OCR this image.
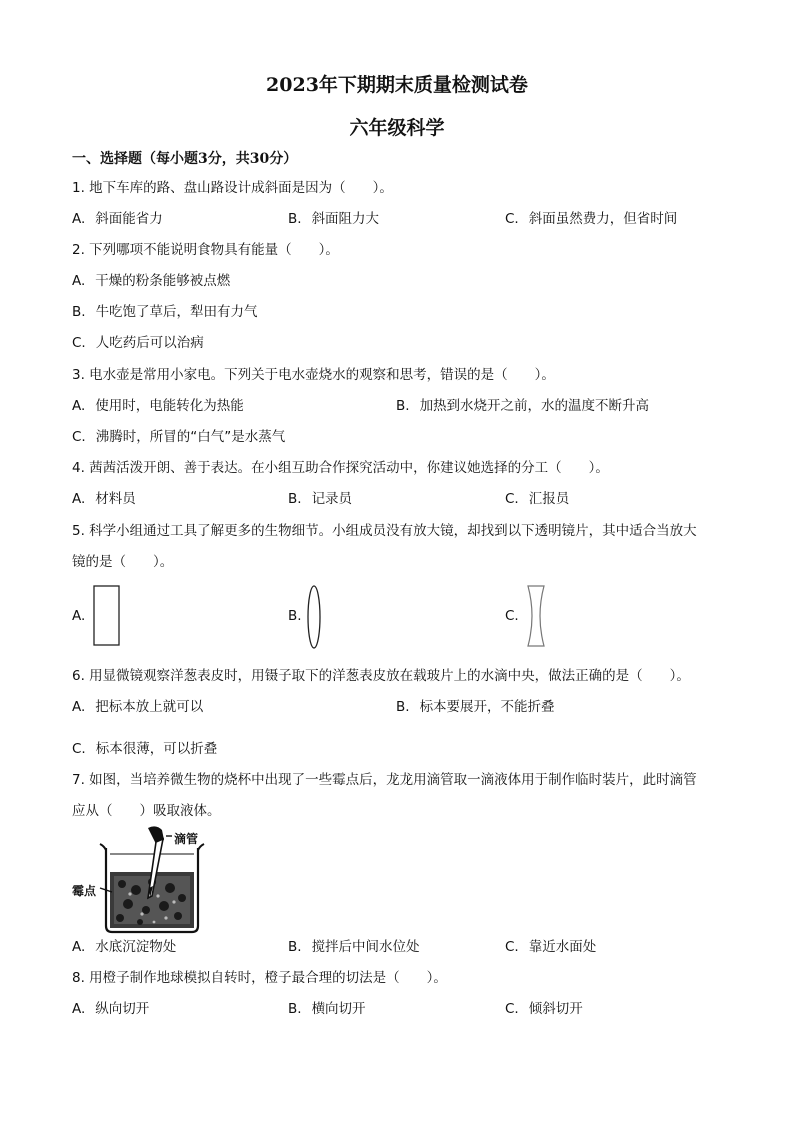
2023年下期期末质量检测试卷
六年级科学
一、选择题（每小题3分，共30分）
1. 地下车库的路、盘山路设计成斜面是因为（　　）。
A. 斜面能省力	B. 斜面阻力大	C. 斜面虽然费力，但省时间
2. 下列哪项不能说明食物具有能量（　　）。
A. 干燥的粉条能够被点燃
B. 牛吃饱了草后，犁田有力气
C. 人吃药后可以治病
3. 电水壶是常用小家电。下列关于电水壶烧水的观察和思考，错误的是（　　）。
A. 使用时，电能转化为热能	B. 加热到水烧开之前，水的温度不断升高
C. 沸腾时，所冒的“白气”是水蒸气
4. 茜茜活泼开朗、善于表达。在小组互助合作探究活动中，你建议她选择的分工（　　）。
A. 材料员	B. 记录员	C. 汇报员
5. 科学小组通过工具了解更多的生物细节。小组成员没有放大镜，却找到以下透明镜片，其中适合当放大
镜的是（　　）。
A.	B.	C.
6. 用显微镜观察洋葱表皮时，用镊子取下的洋葱表皮放在载玻片上的水滴中央，做法正确的是（　　）。
A. 把标本放上就可以	B. 标本要展开，不能折叠
C. 标本很薄，可以折叠
7. 如图，当培养微生物的烧杯中出现了一些霉点后，龙龙用滴管取一滴液体用于制作临时装片，此时滴管
应从（　　）吸取液体。
滴管
霉点
A. 水底沉淀物处	B. 搅拌后中间水位处	C. 靠近水面处
8. 用橙子制作地球模拟自转时，橙子最合理的切法是（　　）。
A. 纵向切开	B. 横向切开	C. 倾斜切开
